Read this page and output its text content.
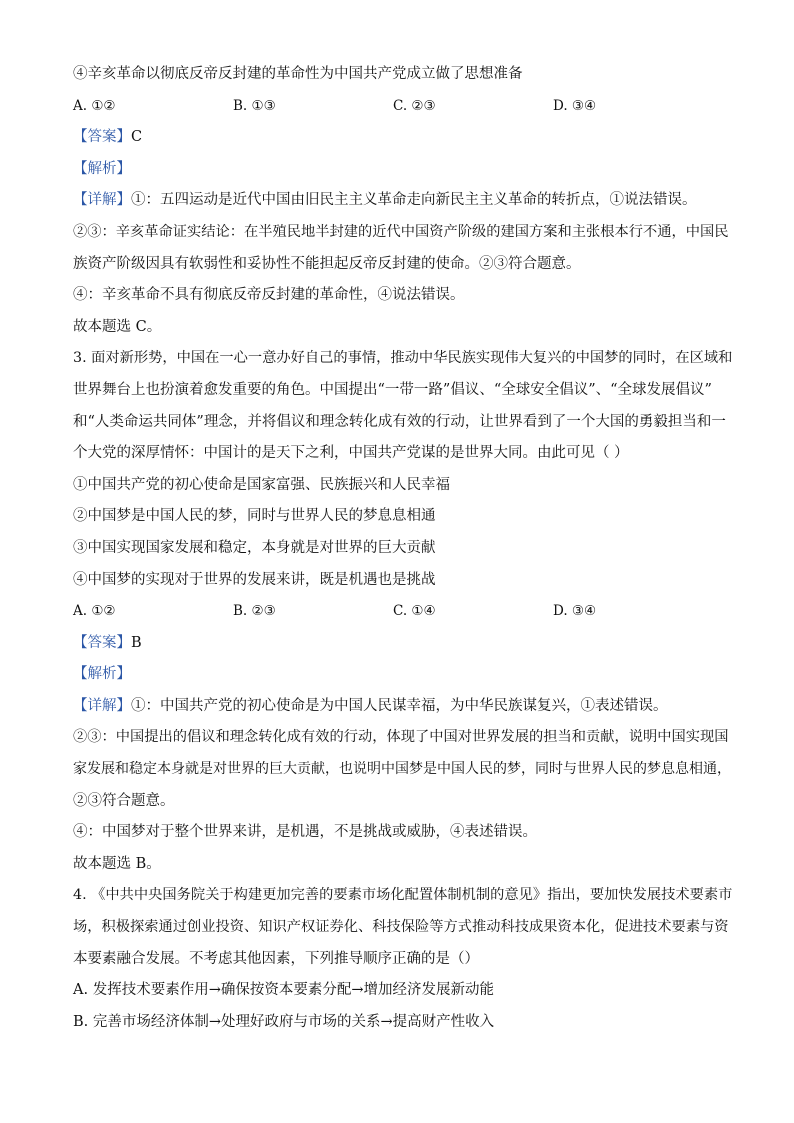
④辛亥革命以彻底反帝反封建的革命性为中国共产党成立做了思想准备
A. ①②	B. ①③	C. ②③	D. ③④
【答案】C
【解析】
【详解】①：五四运动是近代中国由旧民主主义革命走向新民主主义革命的转折点，①说法错误。
②③：辛亥革命证实结论：在半殖民地半封建的近代中国资产阶级的建国方案和主张根本行不通，中国民
族资产阶级因具有软弱性和妥协性不能担起反帝反封建的使命。②③符合题意。
④：辛亥革命不具有彻底反帝反封建的革命性，④说法错误。
故本题选 C。
3. 面对新形势，中国在一心一意办好自己的事情，推动中华民族实现伟大复兴的中国梦的同时，在区域和
世界舞台上也扮演着愈发重要的角色。中国提出“一带一路”倡议、“全球安全倡议”、“全球发展倡议”
和“人类命运共同体”理念，并将倡议和理念转化成有效的行动，让世界看到了一个大国的勇毅担当和一
个大党的深厚情怀：中国计的是天下之利，中国共产党谋的是世界大同。由此可见（ ）
①中国共产党的初心使命是国家富强、民族振兴和人民幸福
②中国梦是中国人民的梦，同时与世界人民的梦息息相通
③中国实现国家发展和稳定，本身就是对世界的巨大贡献
④中国梦的实现对于世界的发展来讲，既是机遇也是挑战
A. ①②	B. ②③	C. ①④	D. ③④
【答案】B
【解析】
【详解】①：中国共产党的初心使命是为中国人民谋幸福，为中华民族谋复兴，①表述错误。
②③：中国提出的倡议和理念转化成有效的行动，体现了中国对世界发展的担当和贡献，说明中国实现国
家发展和稳定本身就是对世界的巨大贡献，也说明中国梦是中国人民的梦，同时与世界人民的梦息息相通，
②③符合题意。
④：中国梦对于整个世界来讲，是机遇，不是挑战或威胁，④表述错误。
故本题选 B。
4. 《中共中央国务院关于构建更加完善的要素市场化配置体制机制的意见》指出，要加快发展技术要素市
场，积极探索通过创业投资、知识产权证券化、科技保险等方式推动科技成果资本化，促进技术要素与资
本要素融合发展。不考虑其他因素，下列推导顺序正确的是（）
A. 发挥技术要素作用→确保按资本要素分配→增加经济发展新动能
B. 完善市场经济体制→处理好政府与市场的关系→提高财产性收入
